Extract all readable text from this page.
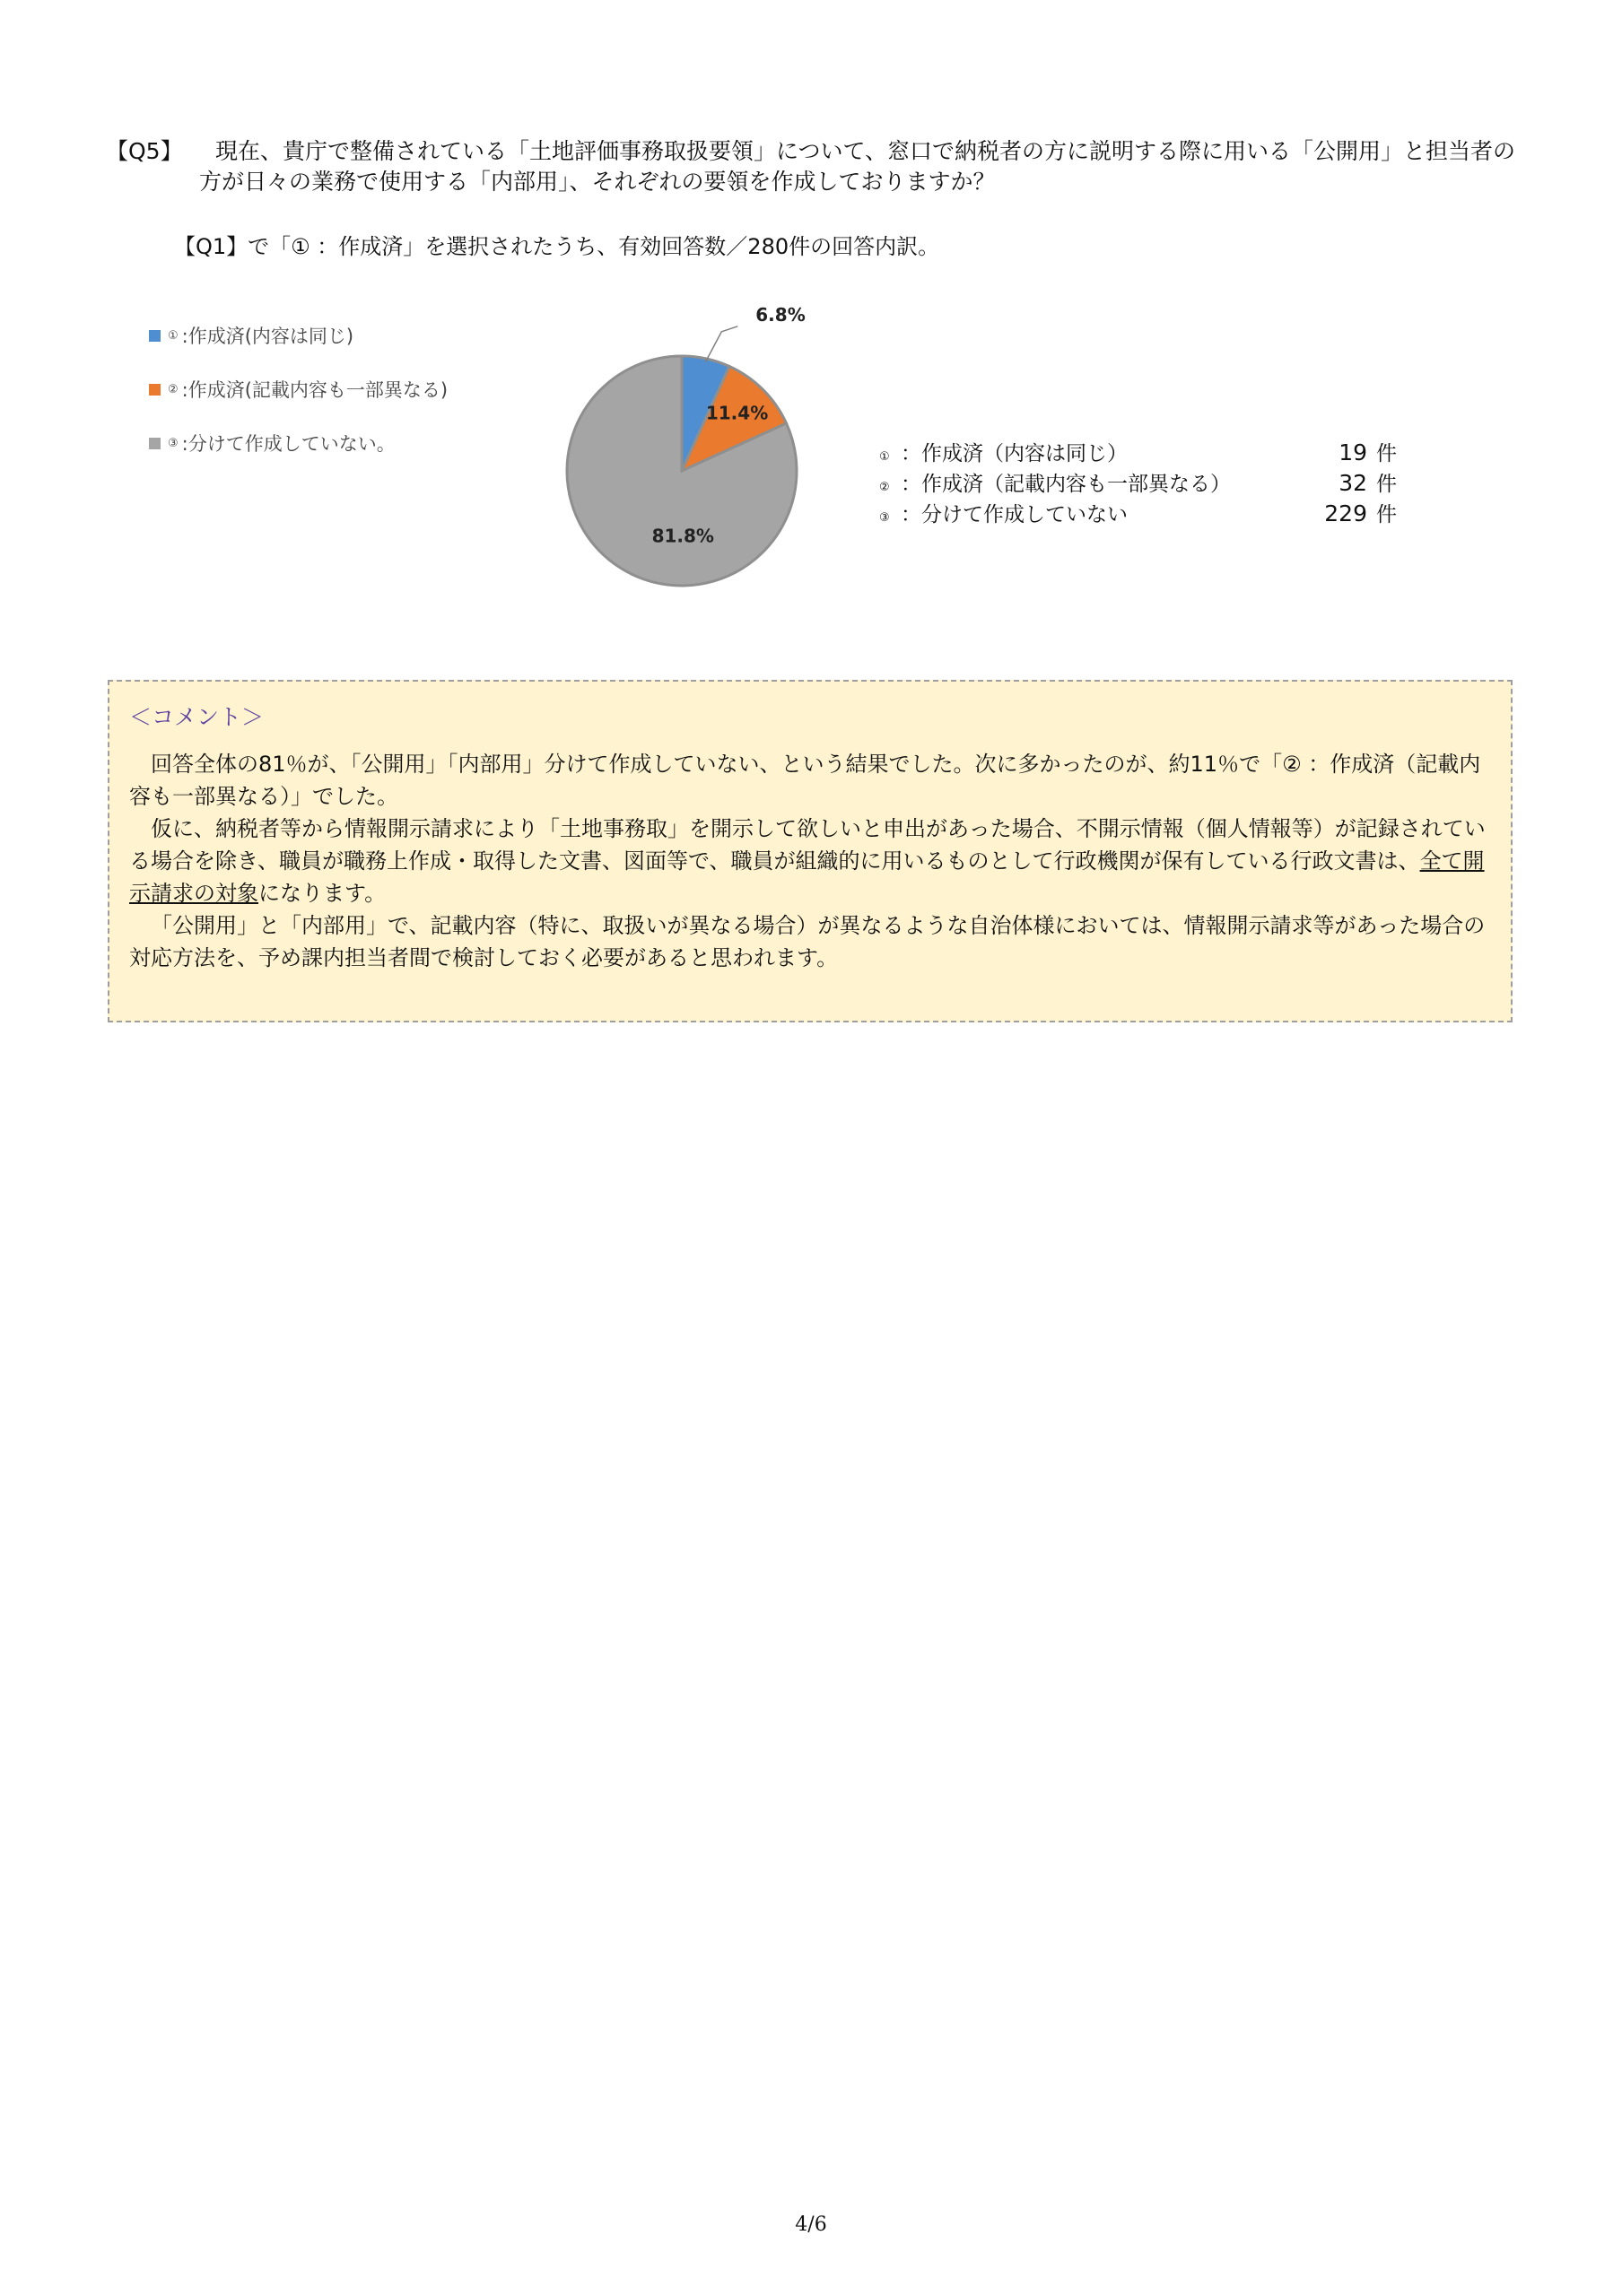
【Q5】	現在、貴庁で整備されている「土地評価事務取扱要領」について、窓口で納税者の方に説明する際に用いる「公開用」と担当者の方が日々の業務で使用する「内部用」、それぞれの要領を作成しておりますか？
【Q1】で「① ：作成済」を選択されたうち、有効回答数／280件の回答内訳。
① :作成済(内容は同じ)
② :作成済(記載内容も一部異なる)
③ :分けて作成していない。
6.8%
11.4%
81.8%
① ：作成済（内容は同じ）	19 件
② ：作成済（記載内容も一部異なる）	32 件
③ ：分けて作成していない	229 件
＜コメント＞

回答全体の81％が、「公開用」「内部用」分けて作成していない、という結果でした。次に多かったのが、約11％で「② ：作成済（記載内容も一部異なる）」でした。

仮に、納税者等から情報開示請求により「土地事務取」を開示して欲しいと申出があった場合、不開示情報（個人情報等）が記録されている場合を除き、職員が職務上作成・取得した文書、図面等で、職員が組織的に用いるものとして行政機関が保有している行政文書は、全て開示請求の対象になります。

「公開用」と「内部用」で、記載内容（特に、取扱いが異なる場合）が異なるような自治体様においては、情報開示請求等があった場合の対応方法を、予め課内担当者間で検討しておく必要があると思われます。

4/6
